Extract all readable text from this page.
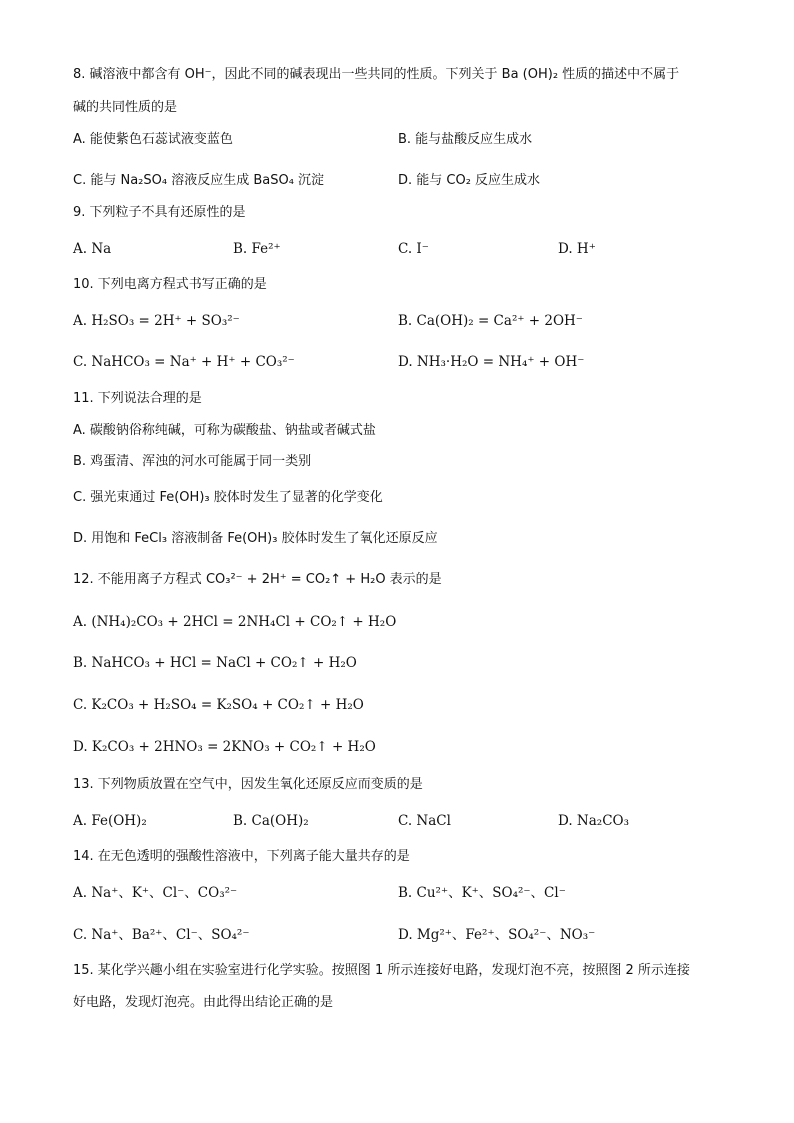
8. 碱溶液中都含有 OH⁻，因此不同的碱表现出一些共同的性质。下列关于 Ba (OH)₂ 性质的描述中不属于
碱的共同性质的是
A. 能使紫色石蕊试液变蓝色	B. 能与盐酸反应生成水
C. 能与 Na₂SO₄ 溶液反应生成 BaSO₄ 沉淀	D. 能与 CO₂ 反应生成水
9. 下列粒子不具有还原性的是
A. Na	B. Fe²⁺	C. I⁻	D. H⁺
10. 下列电离方程式书写正确的是
A. H₂SO₃ = 2H⁺ + SO₃²⁻	B. Ca(OH)₂ = Ca²⁺ + 2OH⁻
C. NaHCO₃ = Na⁺ + H⁺ + CO₃²⁻	D. NH₃·H₂O = NH₄⁺ + OH⁻
11. 下列说法合理的是
A. 碳酸钠俗称纯碱，可称为碳酸盐、钠盐或者碱式盐
B. 鸡蛋清、浑浊的河水可能属于同一类别
C. 强光束通过 Fe(OH)₃ 胶体时发生了显著的化学变化
D. 用饱和 FeCl₃ 溶液制备 Fe(OH)₃ 胶体时发生了氧化还原反应
12. 不能用离子方程式 CO₃²⁻ + 2H⁺ = CO₂↑ + H₂O 表示的是
A. (NH₄)₂CO₃ + 2HCl = 2NH₄Cl + CO₂↑ + H₂O
B. NaHCO₃ + HCl = NaCl + CO₂↑ + H₂O
C. K₂CO₃ + H₂SO₄ = K₂SO₄ + CO₂↑ + H₂O
D. K₂CO₃ + 2HNO₃ = 2KNO₃ + CO₂↑ + H₂O
13. 下列物质放置在空气中，因发生氧化还原反应而变质的是
A. Fe(OH)₂	B. Ca(OH)₂	C. NaCl	D. Na₂CO₃
14. 在无色透明的强酸性溶液中，下列离子能大量共存的是
A. Na⁺、K⁺、Cl⁻、CO₃²⁻	B. Cu²⁺、K⁺、SO₄²⁻、Cl⁻
C. Na⁺、Ba²⁺、Cl⁻、SO₄²⁻	D. Mg²⁺、Fe²⁺、SO₄²⁻、NO₃⁻
15. 某化学兴趣小组在实验室进行化学实验。按照图 1 所示连接好电路，发现灯泡不亮，按照图 2 所示连接
好电路，发现灯泡亮。由此得出结论正确的是
